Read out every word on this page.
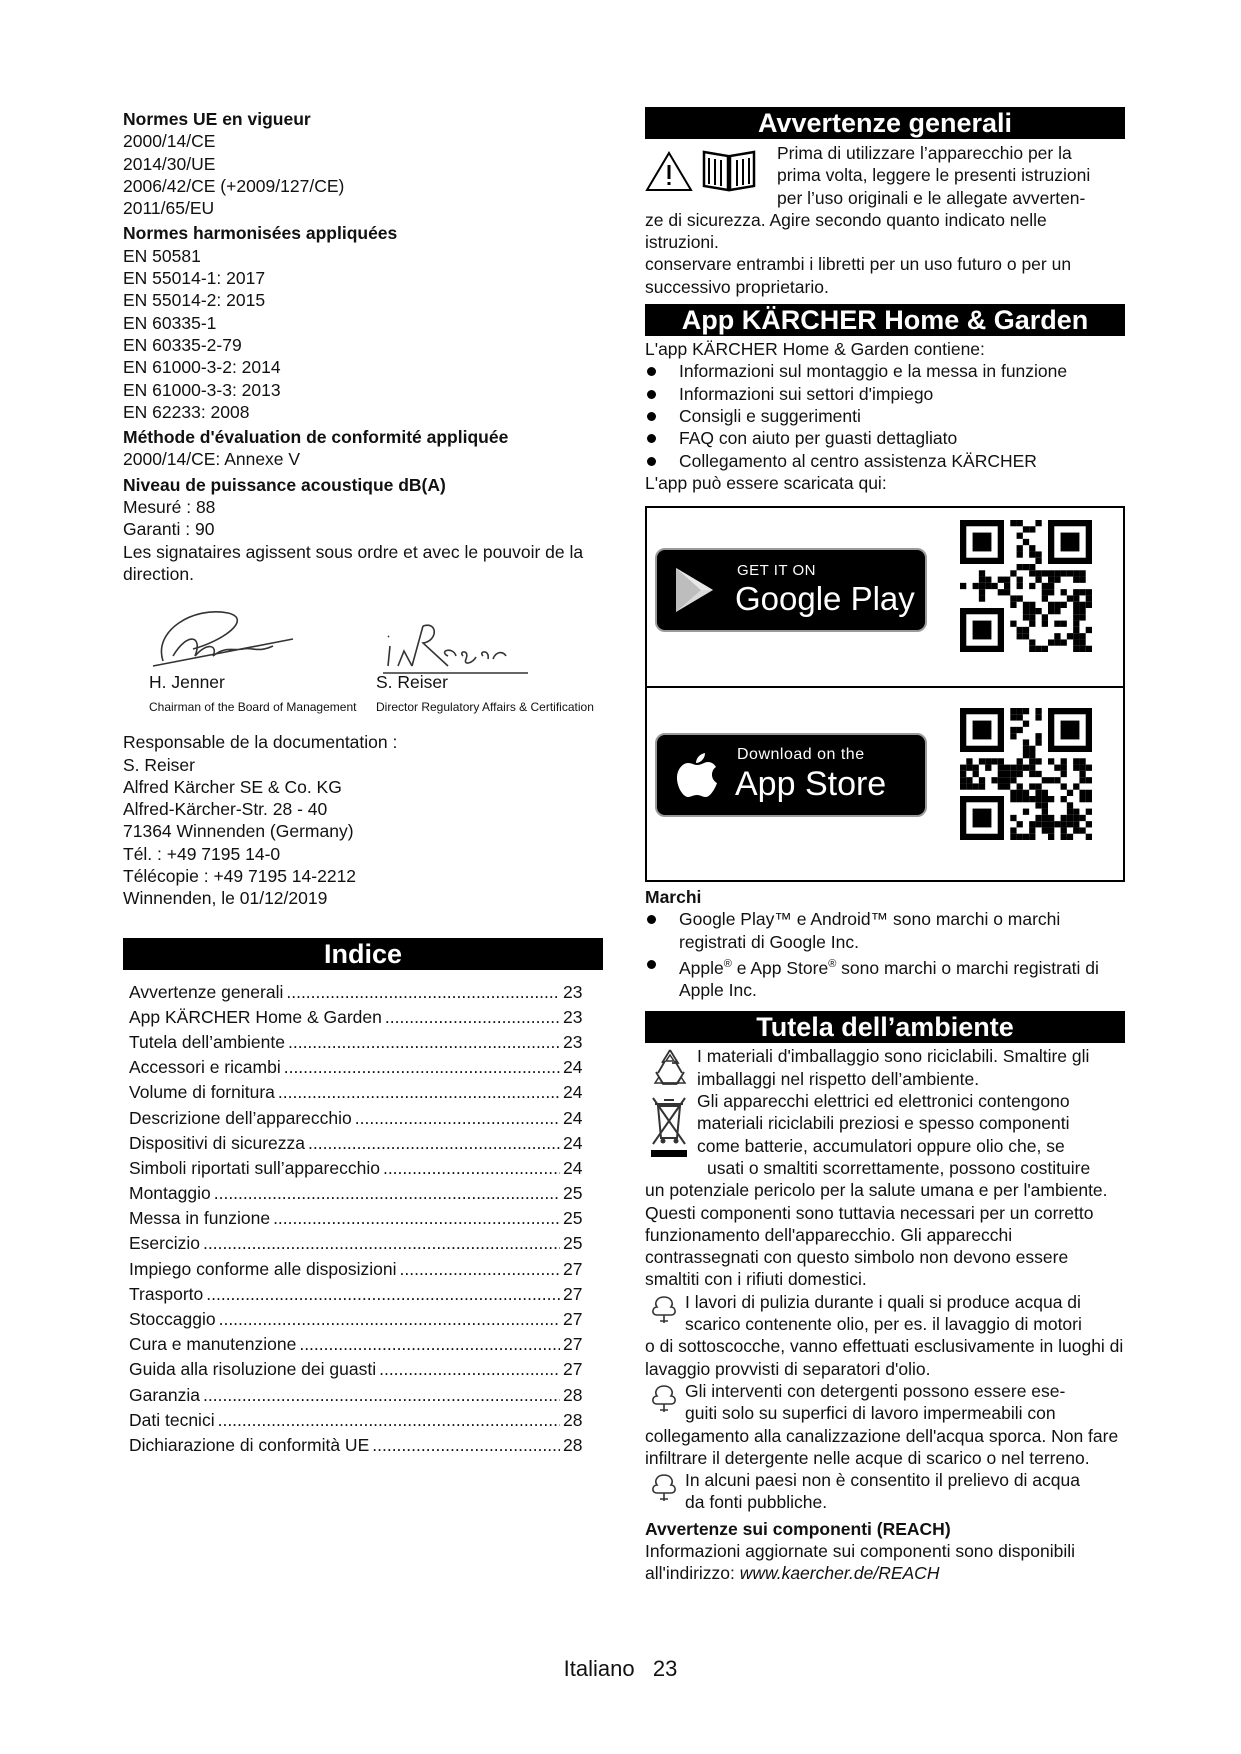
Normes UE en vigueur

2000/14/CE

2014/30/UE

2006/42/CE (+2009/127/CE)

2011/65/EU

Normes harmonisées appliquées

EN 50581

EN 55014-1: 2017

EN 55014-2: 2015

EN 60335-1

EN 60335-2-79

EN 61000-3-2: 2014

EN 61000-3-3: 2013

EN 62233: 2008

Méthode d'évaluation de conformité appliquée

2000/14/CE: Annexe V

Niveau de puissance acoustique dB(A)

Mesuré : 88

Garanti : 90

Les signataires agissent sous ordre et avec le pouvoir de la direction.

H. Jenner
Chairman of the Board of Management
S. Reiser
Director Regulatory Affairs & Certification

Responsable de la documentation :

S. Reiser

Alfred Kärcher SE & Co. KG

Alfred-Kärcher-Str. 28 - 40

71364 Winnenden (Germany)

Tél. : +49 7195 14-0

Télécopie : +49 7195 14-2212

Winnenden, le 01/12/2019

Indice
Avvertenze generali .....	23
App KÄRCHER Home & Garden .....	23
Tutela dell’ambiente .....	23
Accessori e ricambi .....	24
Volume di fornitura .....	24
Descrizione dell’apparecchio .....	24
Dispositivi di sicurezza .....	24
Simboli riportati sull’apparecchio .....	24
Montaggio .....	25
Messa in funzione .....	25
Esercizio .....	25
Impiego conforme alle disposizioni .....	27
Trasporto .....	27
Stoccaggio .....	27
Cura e manutenzione .....	27
Guida alla risoluzione dei guasti .....	27
Garanzia .....	28
Dati tecnici .....	28
Dichiarazione di conformità UE .....	28
Avvertenze generali

Prima di utilizzare l’apparecchio per la

prima volta, leggere le presenti istruzioni

per l’uso originali e le allegate avverten-

ze di sicurezza. Agire secondo quanto indicato nelle istruzioni.

conservare entrambi i libretti per un uso futuro o per un successivo proprietario.

App KÄRCHER Home & Garden

L'app KÄRCHER Home & Garden contiene:

Informazioni sul montaggio e la messa in funzione
Informazioni sui settori d'impiego
Consigli e suggerimenti
FAQ con aiuto per guasti dettagliato
Collegamento al centro assistenza KÄRCHER

L'app può essere scaricata qui:

GET IT ON
Google Play
Download on the
App Store

Marchi

Google Play™ e Android™ sono marchi o marchi registrati di Google Inc.
Apple® e App Store® sono marchi o marchi registrati di Apple Inc.
Tutela dell’ambiente

I materiali d'imballaggio sono riciclabili. Smaltire gli imballaggi nel rispetto dell’ambiente.

Gli apparecchi elettrici ed elettronici contengono

materiali riciclabili preziosi e spesso componenti

come batterie, accumulatori oppure olio che, se

usati o smaltiti scorrettamente, possono costituire

un potenziale pericolo per la salute umana e per l'ambiente. Questi componenti sono tuttavia necessari per un corretto funzionamento dell'apparecchio. Gli apparecchi contrassegnati con questo simbolo non devono essere smaltiti con i rifiuti domestici.

I lavori di pulizia durante i quali si produce acqua di

scarico contenente olio, per es. il lavaggio di motori

o di sottoscocche, vanno effettuati esclusivamente in luoghi di lavaggio provvisti di separatori d'olio.

Gli interventi con detergenti possono essere ese-

guiti solo su superfici di lavoro impermeabili con

collegamento alla canalizzazione dell'acqua sporca. Non fare infiltrare il detergente nelle acque di scarico o nel terreno.

In alcuni paesi non è consentito il prelievo di acqua

da fonti pubbliche.

Avvertenze sui componenti (REACH)

Informazioni aggiornate sui componenti sono disponibili all'indirizzo: www.kaercher.de/REACH

Italiano 23
